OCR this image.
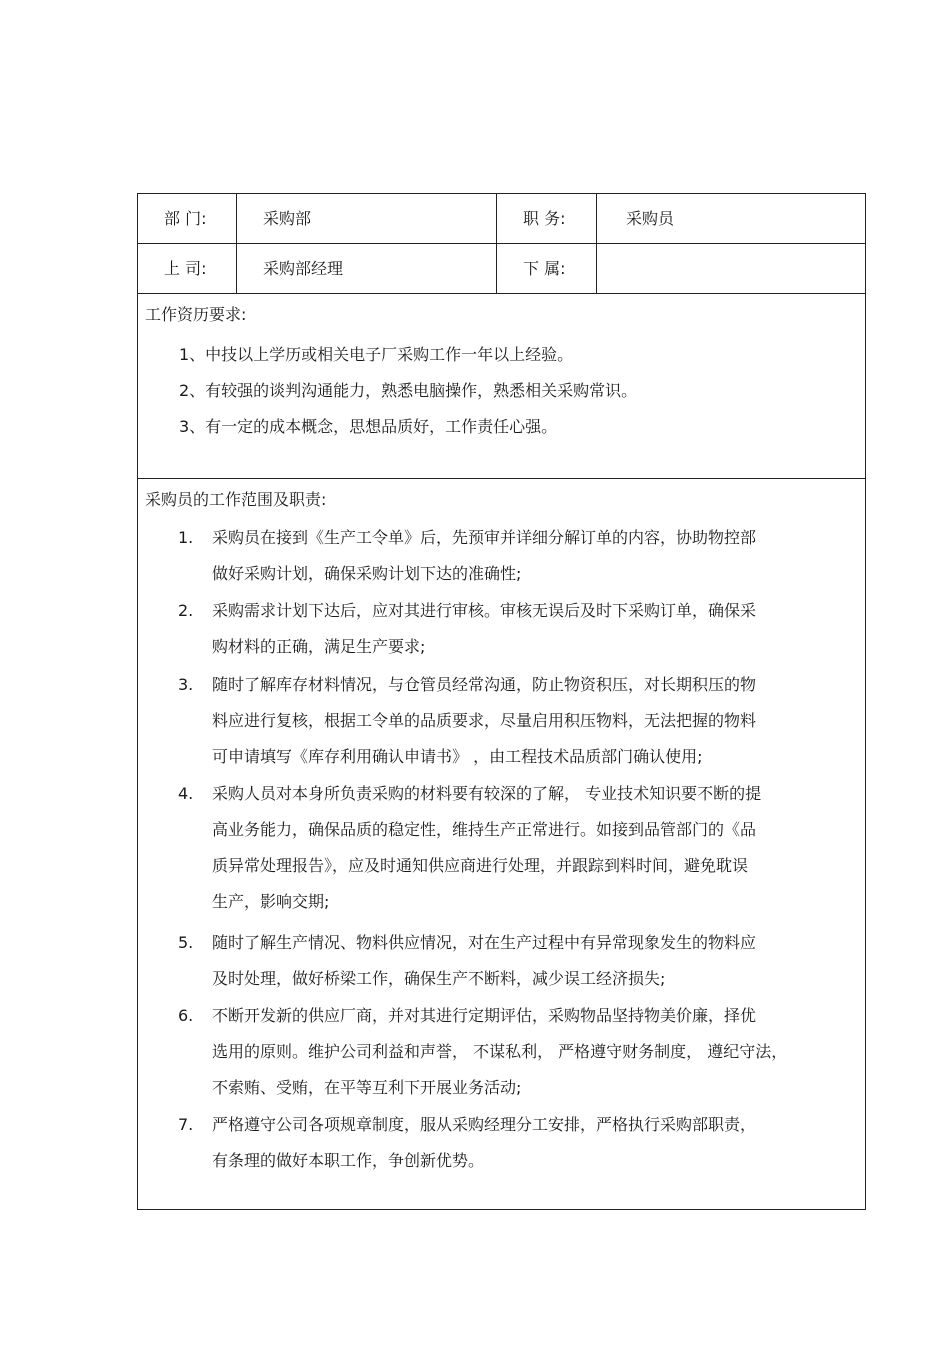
部 门:	采购部	职 务:	采购员
上 司:	采购部经理	下 属:
工作资历要求:
1、中技以上学历或相关电子厂采购工作一年以上经验。
2、有较强的谈判沟通能力，熟悉电脑操作，熟悉相关采购常识。
3、有一定的成本概念，思想品质好，工作责任心强。
采购员的工作范围及职责:
1.	采购员在接到《生产工令单》后，先预审并详细分解订单的内容，协助物控部
做好采购计划，确保采购计划下达的准确性;
2.	采购需求计划下达后，应对其进行审核。审核无误后及时下采购订单，确保采
购材料的正确，满足生产要求;
3.	随时了解库存材料情况，与仓管员经常沟通，防止物资积压，对长期积压的物
料应进行复核，根据工令单的品质要求，尽量启用积压物料，无法把握的物料
可申请填写《库存利用确认申请书》 ，由工程技术品质部门确认使用;
4.	采购人员对本身所负责采购的材料要有较深的了解， 专业技术知识要不断的提
高业务能力，确保品质的稳定性，维持生产正常进行。如接到品管部门的《品
质异常处理报告》，应及时通知供应商进行处理，并跟踪到料时间，避免耽误
生产，影响交期;
5.	随时了解生产情况、物料供应情况，对在生产过程中有异常现象发生的物料应
及时处理，做好桥梁工作，确保生产不断料，减少误工经济损失;
6.	不断开发新的供应厂商，并对其进行定期评估，采购物品坚持物美价廉，择优
选用的原则。维护公司利益和声誉， 不谋私利， 严格遵守财务制度， 遵纪守法，
不索贿、受贿，在平等互利下开展业务活动;
7.	严格遵守公司各项规章制度，服从采购经理分工安排，严格执行采购部职责，
有条理的做好本职工作，争创新优势。
